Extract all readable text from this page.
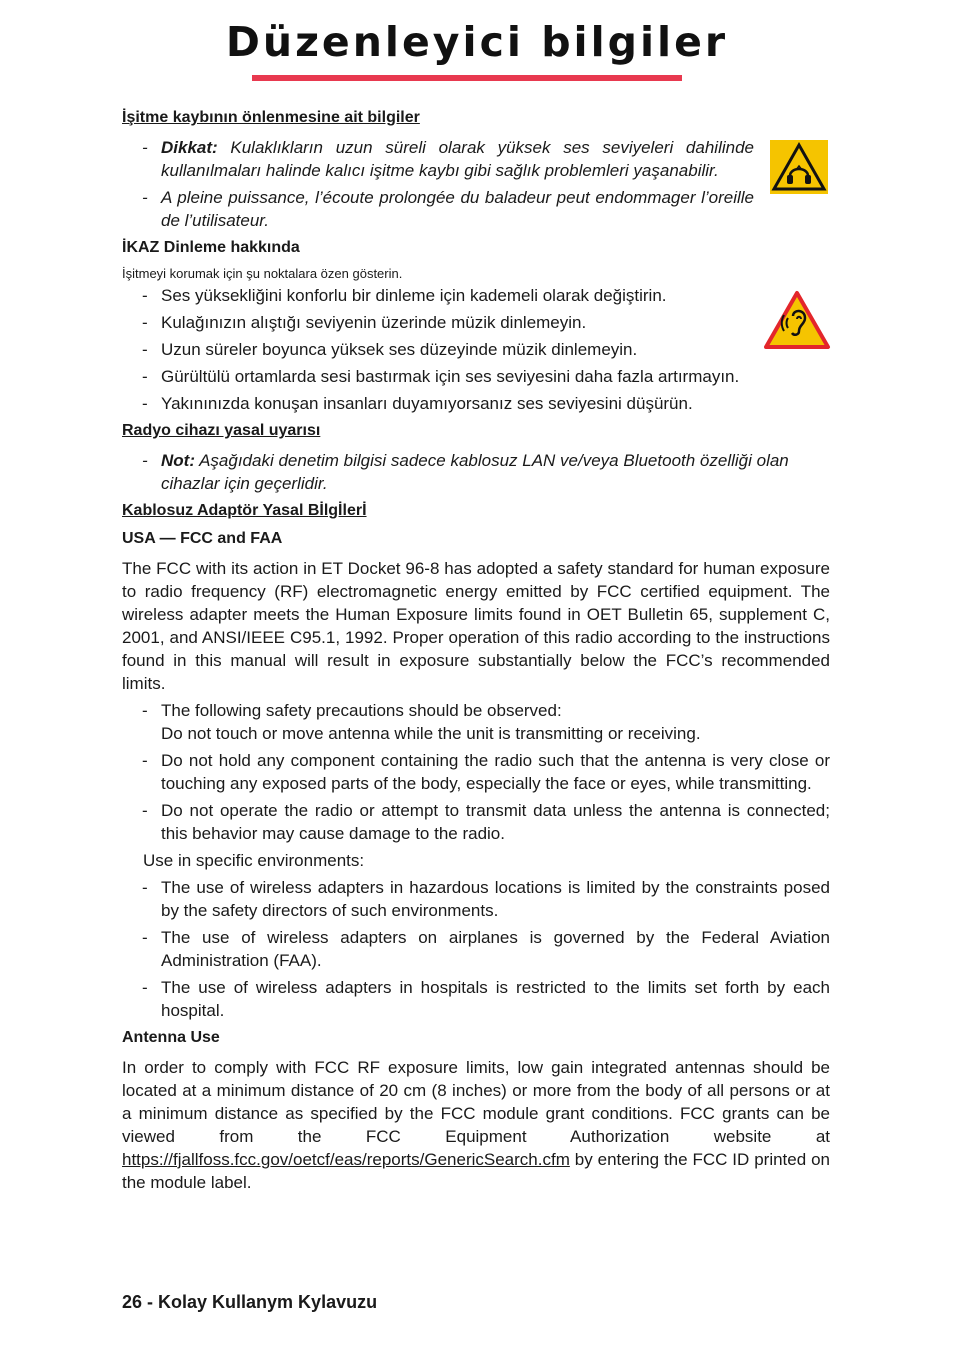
Düzenleyici bilgiler
İşitme kaybının önlenmesine ait bilgiler
- Dikkat: Kulaklıkların uzun süreli olarak yüksek ses seviyeleri dahilinde kullanılmaları halinde kalıcı işitme kaybı gibi sağlık problemleri yaşanabilir.
- A pleine puissance, l’écoute prolongée du baladeur peut endommager l’oreille de l’utilisateur.
İKAZ Dinleme hakkında
İşitmeyi korumak için şu noktalara özen gösterin.
- Ses yüksekliğini konforlu bir dinleme için kademeli olarak değiştirin.
- Kulağınızın alıştığı seviyenin üzerinde müzik dinlemeyin.
- Uzun süreler boyunca yüksek ses düzeyinde müzik dinlemeyin.
- Gürültülü ortamlarda sesi bastırmak için ses seviyesini daha fazla artırmayın.
- Yakınınızda konuşan insanları duyamıyorsanız ses seviyesini düşürün.
Radyo cihazı yasal uyarısı
- Not: Aşağıdaki denetim bilgisi sadece kablosuz LAN ve/veya Bluetooth özelliği olan cihazlar için geçerlidir.
Kablosuz Adaptör Yasal Bİlgİlerİ
USA — FCC and FAA
The FCC with its action in ET Docket 96-8 has adopted a safety standard for human exposure to radio frequency (RF) electromagnetic energy emitted by FCC certified equipment. The wireless adapter meets the Human Exposure limits found in OET Bulletin 65, supplement C, 2001, and ANSI/IEEE C95.1, 1992. Proper operation of this radio according to the instructions found in this manual will result in exposure substantially below the FCC’s recommended limits.
- The following safety precautions should be observed:
Do not touch or move antenna while the unit is transmitting or receiving.
- Do not hold any component containing the radio such that the antenna is very close or touching any exposed parts of the body, especially the face or eyes, while transmitting.
- Do not operate the radio or attempt to transmit data unless the antenna is connected; this behavior may cause damage to the radio.
Use in specific environments:
- The use of wireless adapters in hazardous locations is limited by the constraints posed by the safety directors of such environments.
- The use of wireless adapters on airplanes is governed by the Federal Aviation Administration (FAA).
- The use of wireless adapters in hospitals is restricted to the limits set forth by each hospital.
Antenna Use
In order to comply with FCC RF exposure limits, low gain integrated antennas should be located at a minimum distance of 20 cm (8 inches) or more from the body of all persons or at a minimum distance as specified by the FCC module grant conditions. FCC grants can be viewed from the FCC Equipment Authorization website at https://fjallfoss.fcc.gov/oetcf/eas/reports/GenericSearch.cfm by entering the FCC ID printed on the module label.
26 - Kolay Kullanym Kylavuzu
